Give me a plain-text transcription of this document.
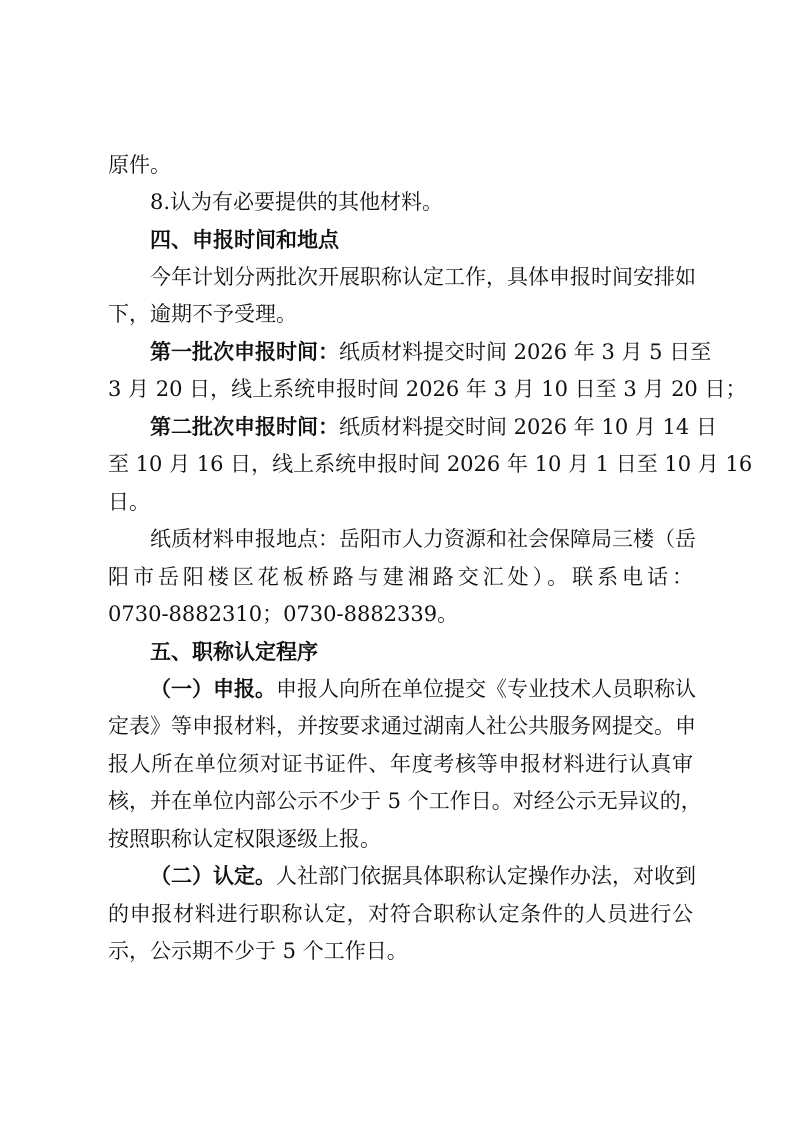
原件。
8.认为有必要提供的其他材料。
四、申报时间和地点
今年计划分两批次开展职称认定工作，具体申报时间安排如
下，逾期不予受理。
第一批次申报时间：纸质材料提交时间 2026 年 3 月 5 日至
3 月 20 日，线上系统申报时间 2026 年 3 月 10 日至 3 月 20 日；
第二批次申报时间：纸质材料提交时间 2026 年 10 月 14 日
至 10 月 16 日，线上系统申报时间 2026 年 10 月 1 日至 10 月 16
日。
纸质材料申报地点：岳阳市人力资源和社会保障局三楼（岳
阳市岳阳楼区花板桥路与建湘路交汇处）。联系电话：
0730-8882310；0730-8882339。
五、职称认定程序
（一）申报。申报人向所在单位提交《专业技术人员职称认
定表》等申报材料，并按要求通过湖南人社公共服务网提交。申
报人所在单位须对证书证件、年度考核等申报材料进行认真审
核，并在单位内部公示不少于 5 个工作日。对经公示无异议的，
按照职称认定权限逐级上报。
（二）认定。人社部门依据具体职称认定操作办法，对收到
的申报材料进行职称认定，对符合职称认定条件的人员进行公
示，公示期不少于 5 个工作日。
